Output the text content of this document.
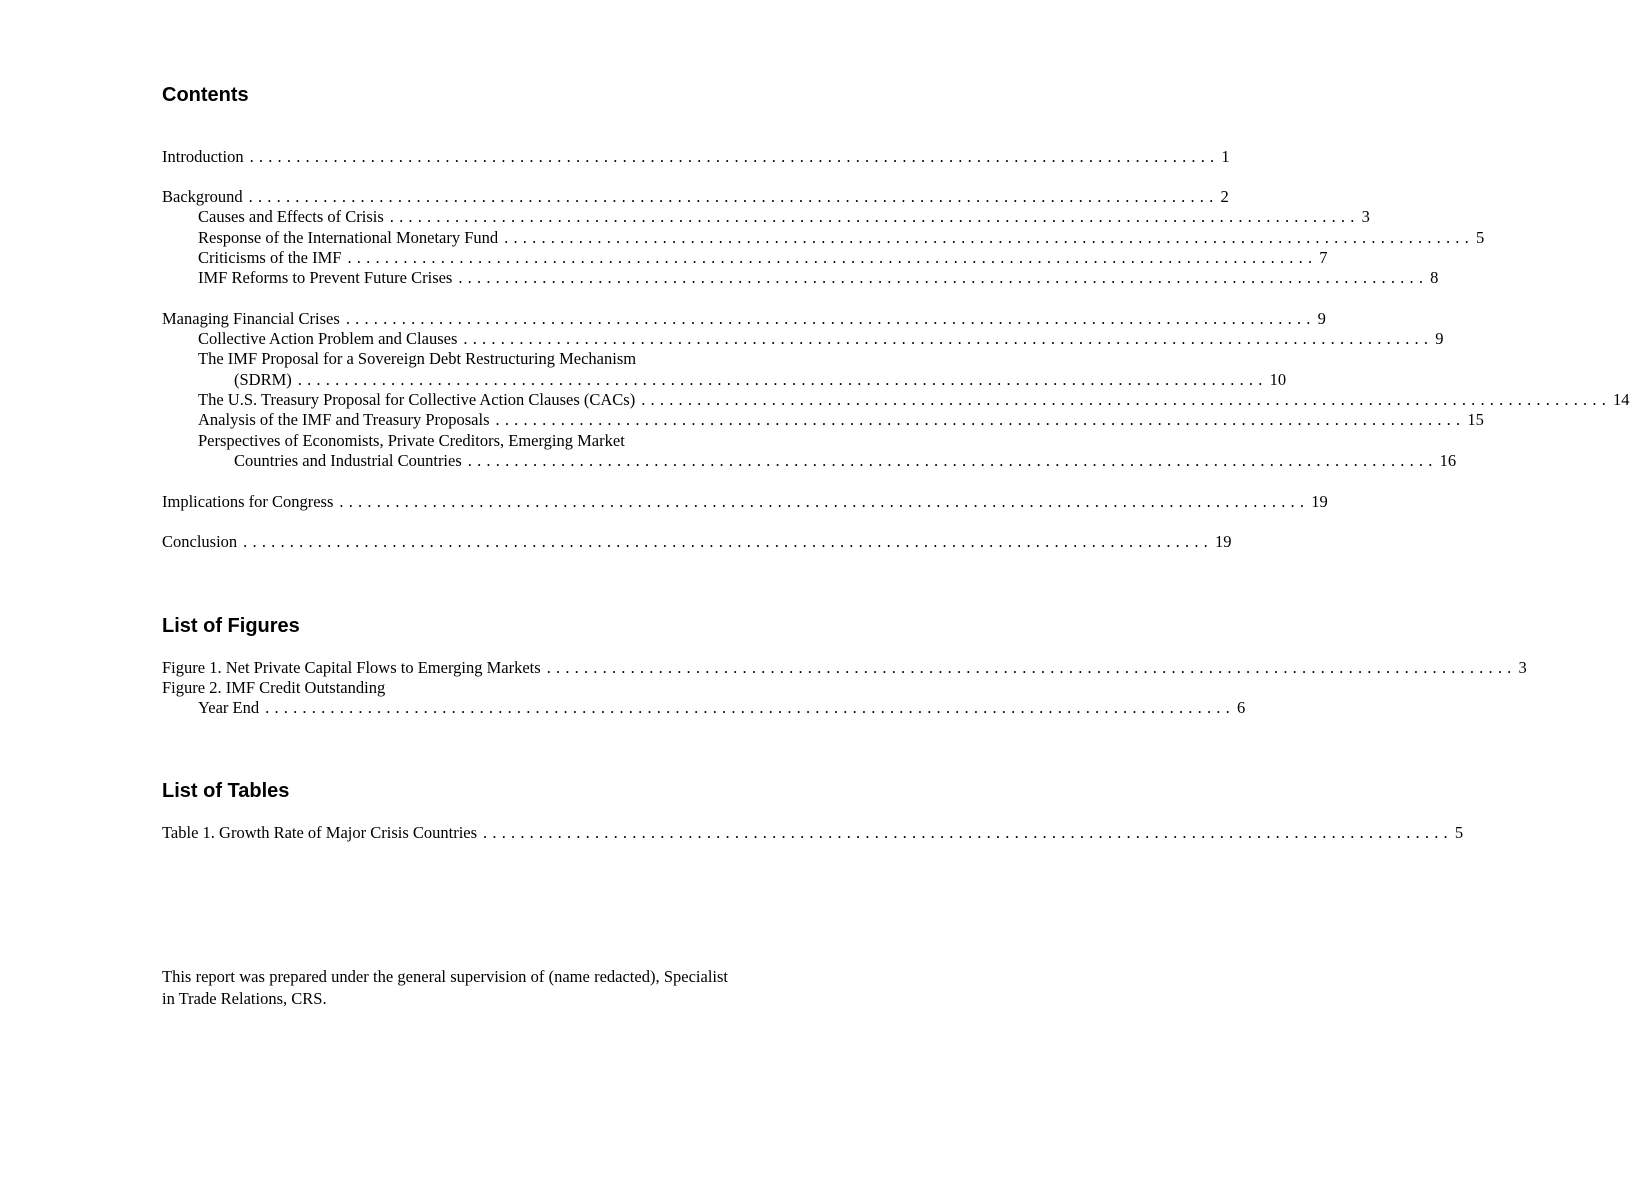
Contents
Introduction ........................................................................................................ 1
Background ........................................................................................................ 2
Causes and Effects of Crisis ........................................................................................................ 3
Response of the International Monetary Fund ........................................................................................................ 5
Criticisms of the IMF ........................................................................................................ 7
IMF Reforms to Prevent Future Crises ........................................................................................................ 8
Managing Financial Crises ........................................................................................................ 9
Collective Action Problem and Clauses ........................................................................................................ 9
The IMF Proposal for a Sovereign Debt Restructuring Mechanism
(SDRM) ........................................................................................................ 10
The U.S. Treasury Proposal for Collective Action Clauses (CACs) ........................................................................................................ 14
Analysis of the IMF and Treasury Proposals ........................................................................................................ 15
Perspectives of Economists, Private Creditors, Emerging Market
Countries and Industrial Countries ........................................................................................................ 16
Implications for Congress ........................................................................................................ 19
Conclusion ........................................................................................................ 19
List of Figures
Figure 1. Net Private Capital Flows to Emerging Markets ........................................................................................................ 3
Figure 2. IMF Credit Outstanding
Year End ........................................................................................................ 6
List of Tables
Table 1. Growth Rate of Major Crisis Countries ........................................................................................................ 5

This report was prepared under the general supervision of (name redacted), Specialist in Trade Relations, CRS.
